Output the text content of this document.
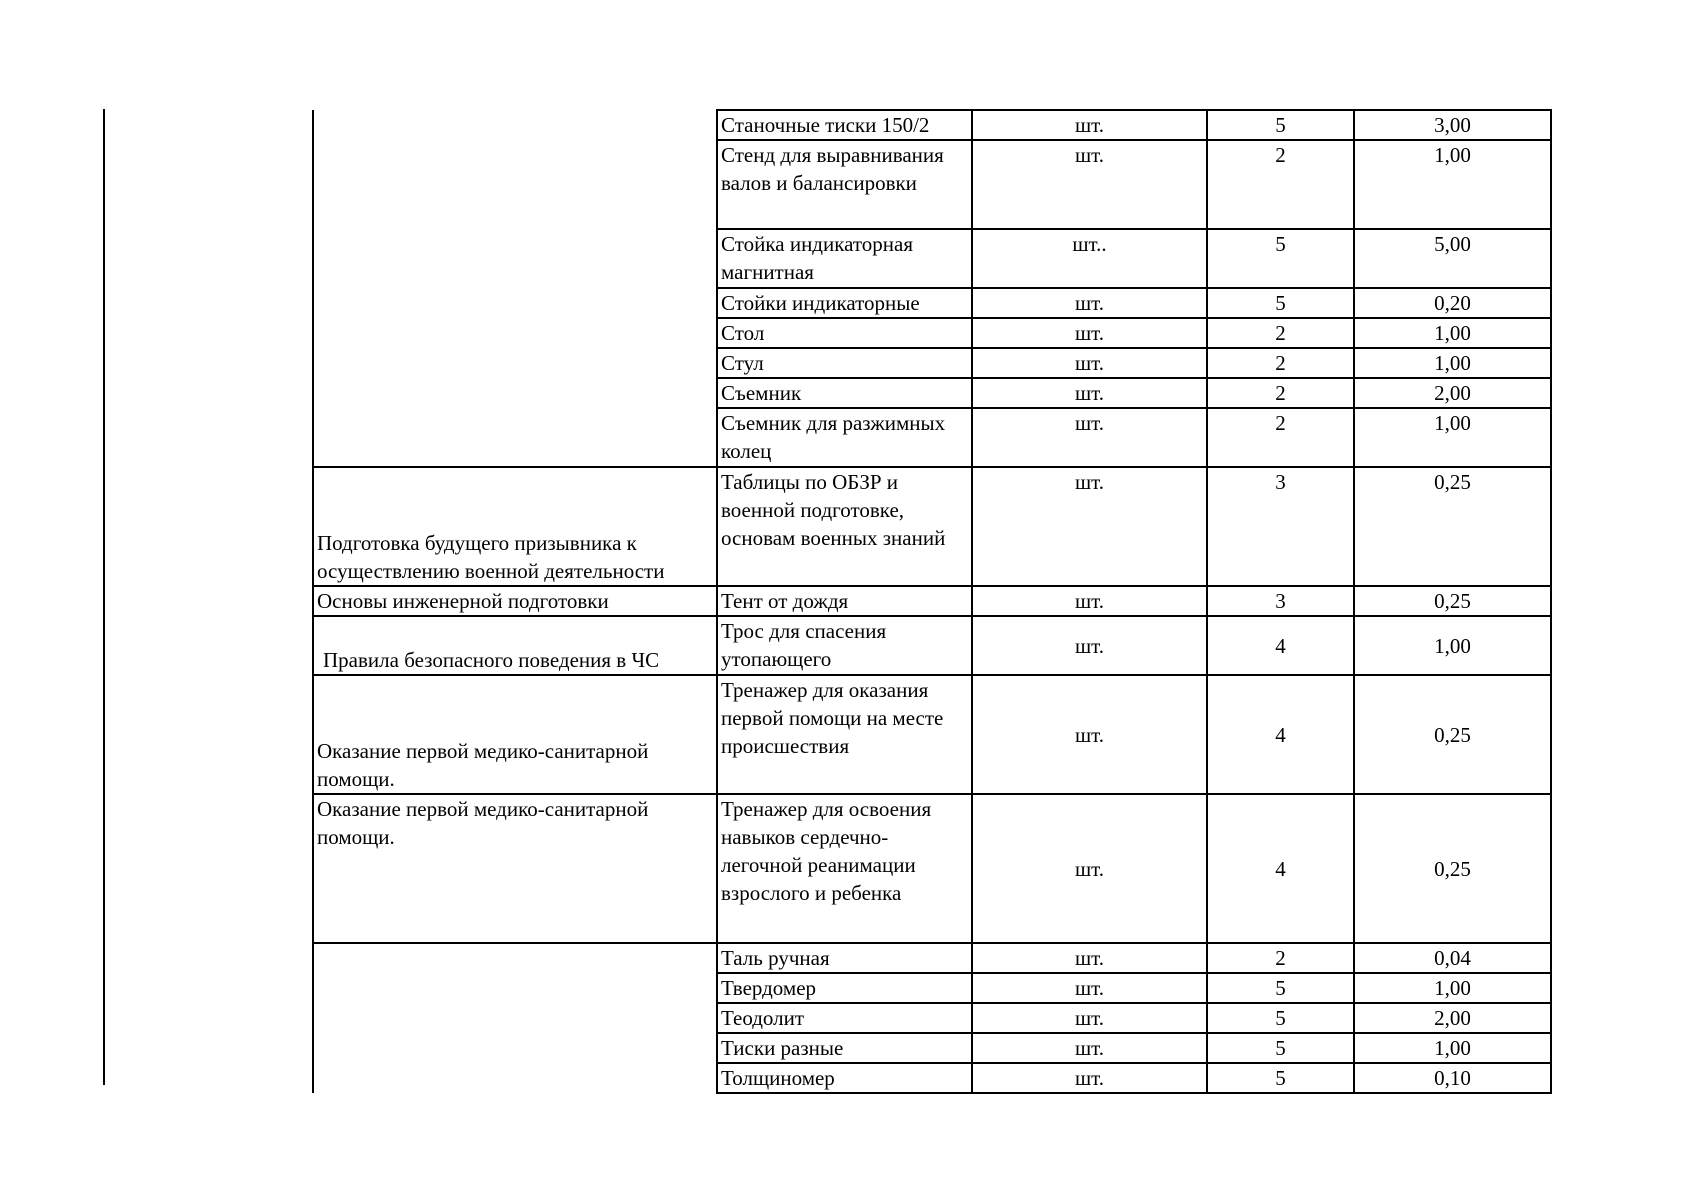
	Станочные тиски 150/2	шт.	5	3,00
	Стенд для выравнивания валов и балансировки	шт.	2	1,00
	Стойка индикаторная магнитная	шт..	5	5,00
	Стойки индикаторные	шт.	5	0,20
	Стол	шт.	2	1,00
	Стул	шт.	2	1,00
	Съемник	шт.	2	2,00
	Съемник для разжимных колец	шт.	2	1,00
Подготовка будущего призывника к осуществлению военной деятельности	Таблицы по ОБЗР и военной подготовке, основам военных знаний	шт.	3	0,25
Основы инженерной подготовки	Тент от дождя	шт.	3	0,25
Правила безопасного поведения в ЧС	Трос для спасения утопающего	шт.	4	1,00
Оказание первой медико-санитарной помощи.	Тренажер для оказания первой помощи на месте происшествия	шт.	4	0,25
Оказание первой медико-санитарной помощи.	Тренажер для освоения навыков сердечно-легочной реанимации взрослого и ребенка	шт.	4	0,25
	Таль ручная	шт.	2	0,04
	Твердомер	шт.	5	1,00
	Теодолит	шт.	5	2,00
	Тиски разные	шт.	5	1,00
	Толщиномер	шт.	5	0,10
